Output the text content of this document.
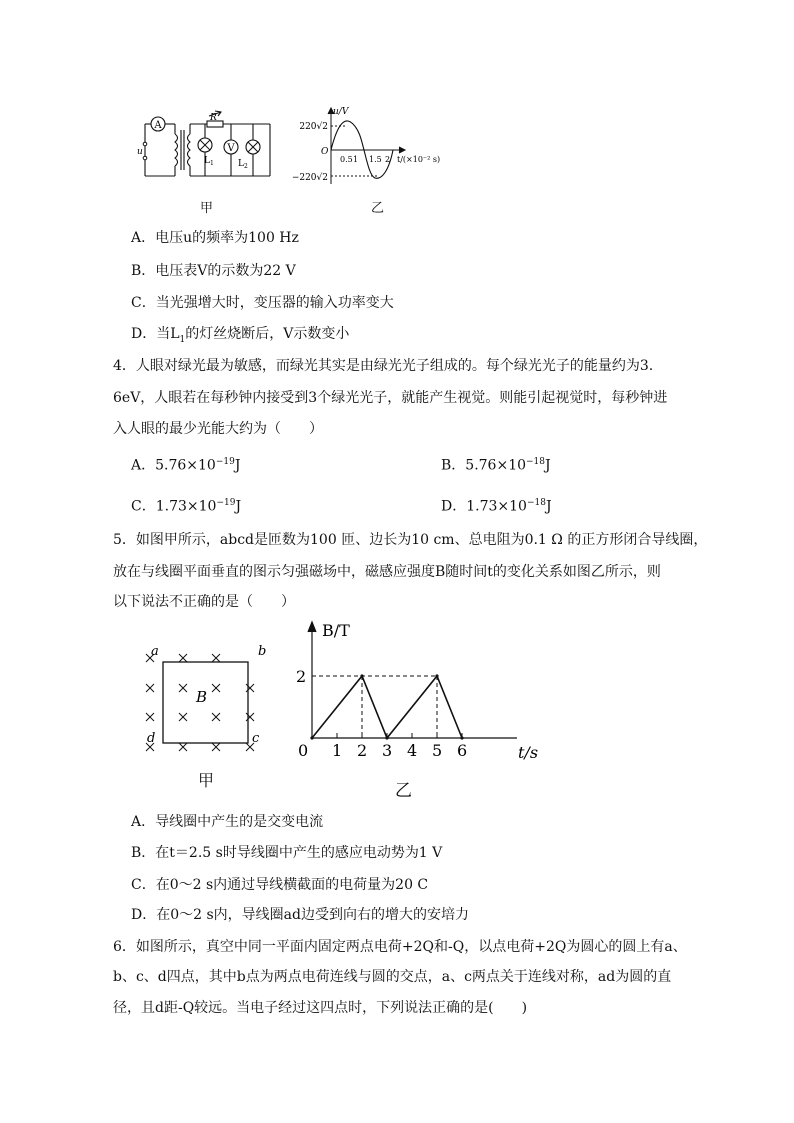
A
u
$L_1$
R
V
$L_2$
u/V
220√2
−220√2
O
0.5 1 1.5 2 t/(×10⁻² s)
甲	乙
A．电压u的频率为100 Hz
B．电压表V的示数为22 V
C．当光强增大时，变压器的输入功率变大
D．当$L_1$的灯丝烧断后，V示数变小
4．人眼对绿光最为敏感，而绿光其实是由绿光光子组成的。每个绿光光子的能量约为3.
6eV，人眼若在每秒钟内接受到3个绿光光子，就能产生视觉。则能引起视觉时，每秒钟进
入人眼的最少光能大约为（　　）
A．$5.76\times 10^{-19}J$	B．$5.76\times 10^{-18}J$
C．$1.73\times 10^{-19}J$	D．$1.73\times 10^{-18}J$
5．如图甲所示，abcd是匝数为100 匝、边长为10 cm、总电阻为0.1 Ω 的正方形闭合导线圈，
放在与线圈平面垂直的图示匀强磁场中，磁感应强度B随时间t的变化关系如图乙所示，则
以下说法不正确的是（　　）
a	b
c
d
B
甲
0 1 2 3 4 5 6
2
B/T
t/s
乙
A．导线圈中产生的是交变电流
B．在t＝2.5 s时导线圈中产生的感应电动势为1 V
C．在0～2 s内通过导线横截面的电荷量为20 C
D．在0～2 s内，导线圈ad边受到向右的增大的安培力
6．如图所示，真空中同一平面内固定两点电荷+2Q和-Q，以点电荷+2Q为圆心的圆上有a、
b、c、d四点，其中b点为两点电荷连线与圆的交点，a、c两点关于连线对称，ad为圆的直
径，且d距-Q较远。当电子经过这四点时，下列说法正确的是(　　)
